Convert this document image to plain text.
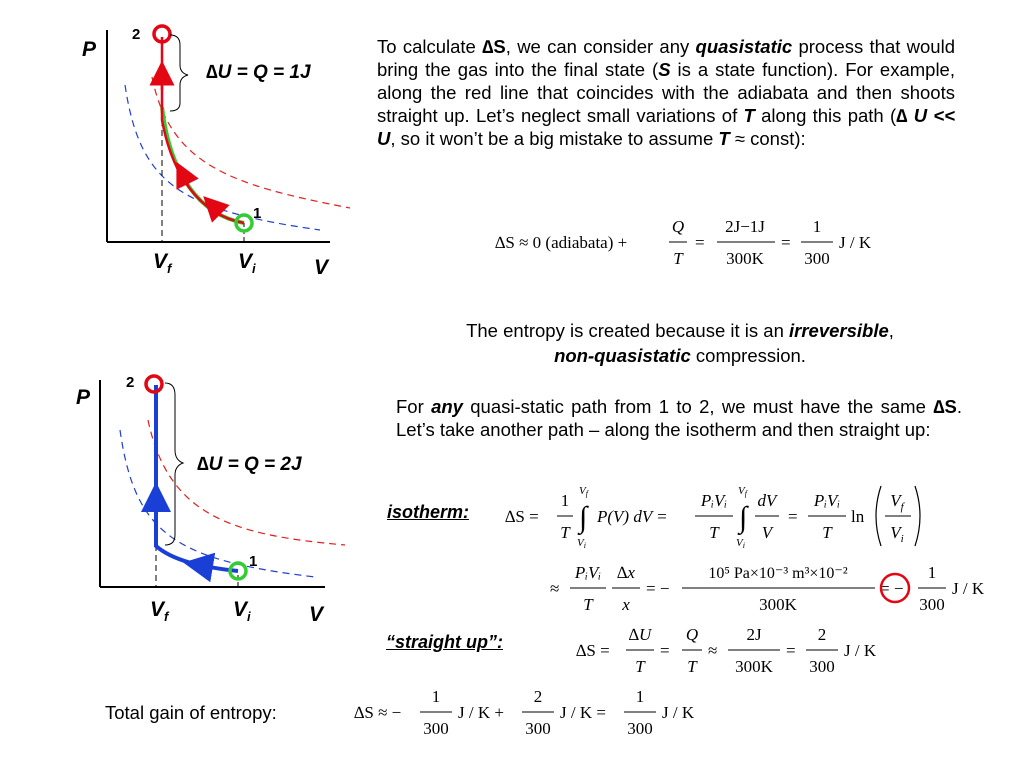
P
2
1
∆U = Q = 1J
$V_f$	$V_i$	V
P
2
1
∆U = Q = 2J
$V_f$	$V_i$	V
To calculate ∆S, we can consider any quasistatic process that would bring the gas into the final state (S is a state function). For example, along the red line that coincides with the adiabata and then shoots straight up. Let’s neglect small variations of T along this path (∆ U << U, so it won’t be a big mistake to assume T ≈ const):
∆S ≈ 0 (adiabata) +
Q
T
=
2J−1J
300K
=
1
300
J / K
The entropy is created because it is an irreversible,
non-quasistatic compression.
For any quasi-static path from 1 to 2, we must have the same ∆S. Let’s take another path – along the isotherm and then straight up:
isotherm: ∆S =
1
T
Vf
∫
Vi
P(V) dV =
PᵢVᵢ
T
Vf
∫
Vi
dV
V
=
PᵢVᵢ
T
ln
$V_f$
$V_i$
≈
PᵢVᵢ
T
∆x
x
= −
10⁵ Pa×10⁻³ m³×10⁻²
300K
= −
1
300
J / K
“straight up”:	∆S =
∆U
T
=
Q
T
≈
2J
300K
=
2
300
J / K
Total gain of entropy:	∆S ≈ −
1
300
J / K +
2
300
J / K =
1
300
J / K
